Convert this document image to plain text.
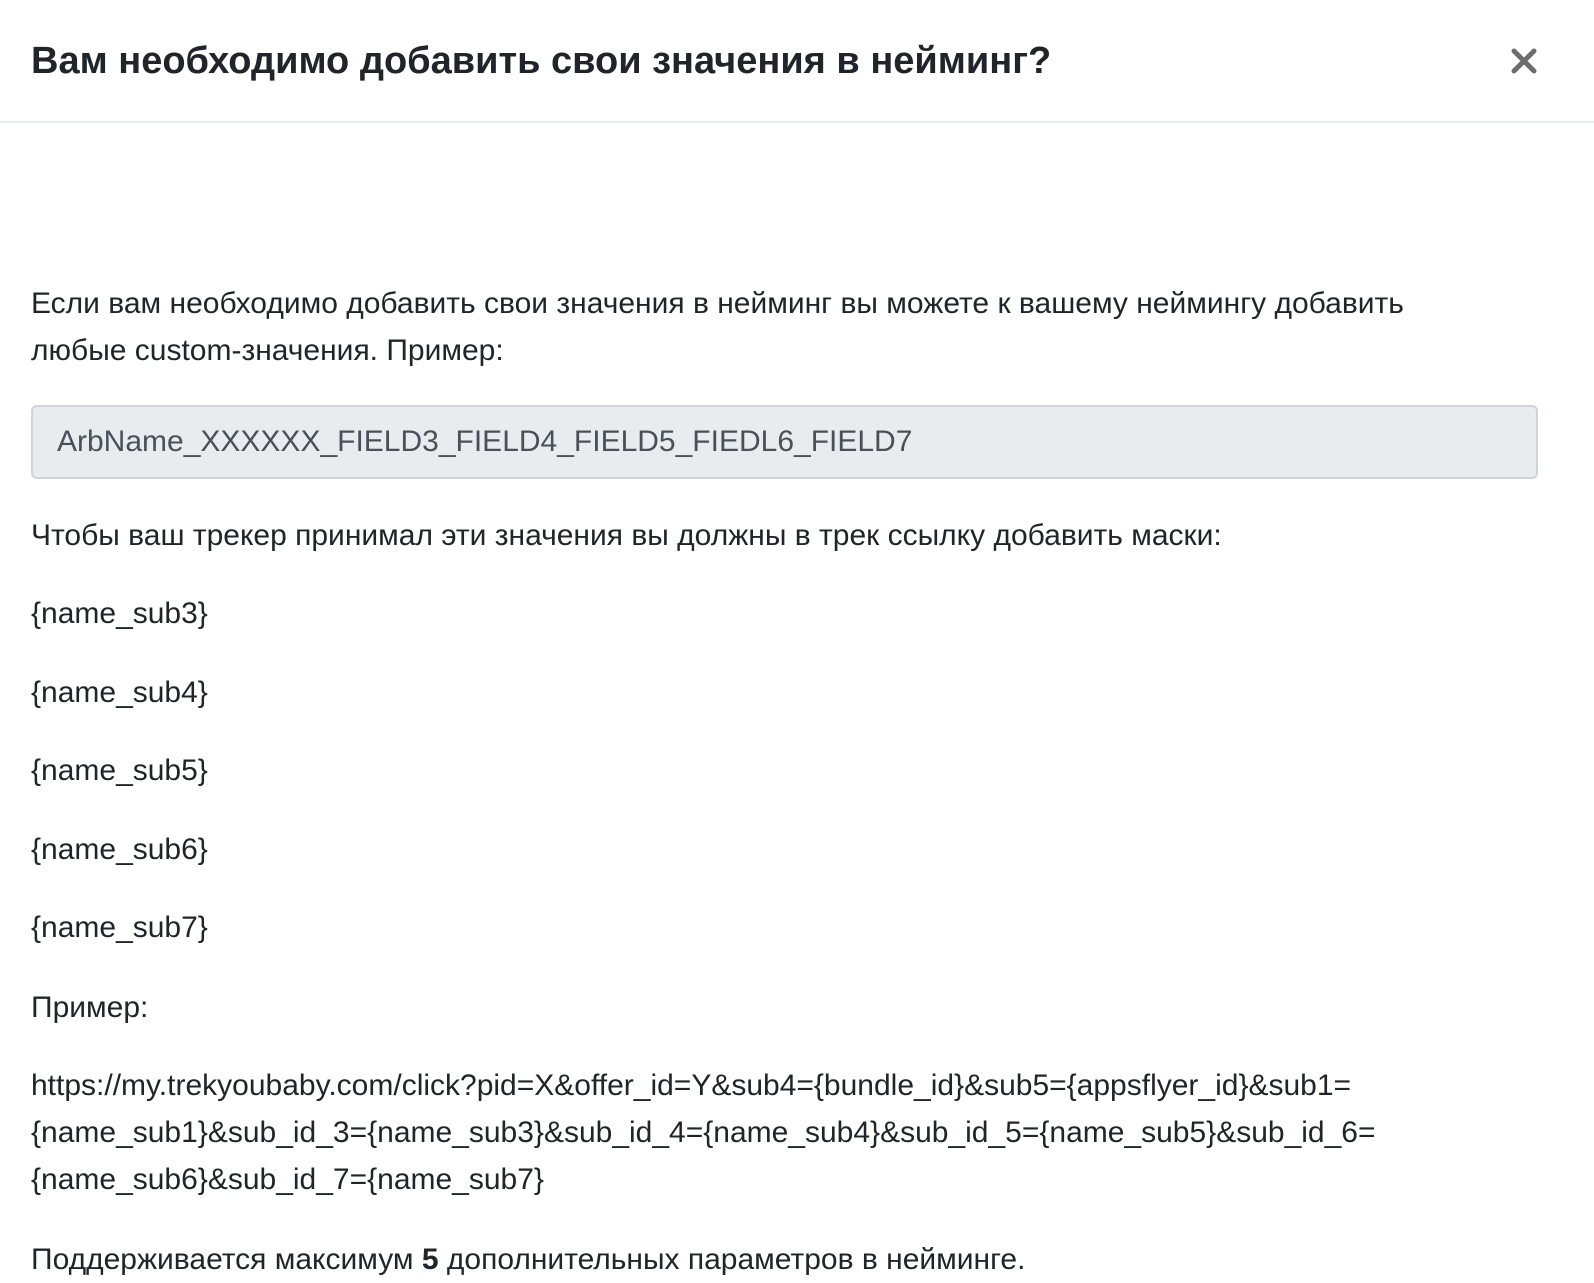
Вам необходимо добавить свои значения в нейминг?

Если вам необходимо добавить свои значения в нейминг вы можете к вашему неймингу добавить

любые custom-значения. Пример:

ArbName_XXXXXX_FIELD3_FIELD4_FIELD5_FIEDL6_FIELD7

Чтобы ваш трекер принимал эти значения вы должны в трек ссылку добавить маски:

{name_sub3}

{name_sub4}

{name_sub5}

{name_sub6}

{name_sub7}

Пример:

https://my.trekyoubaby.com/click?pid=X&offer_id=Y&sub4={bundle_id}&sub5={appsflyer_id}&sub1=
{name_sub1}&sub_id_3={name_sub3}&sub_id_4={name_sub4}&sub_id_5={name_sub5}&sub_id_6=
{name_sub6}&sub_id_7={name_sub7}

Поддерживается максимум 5 дополнительных параметров в нейминге.
